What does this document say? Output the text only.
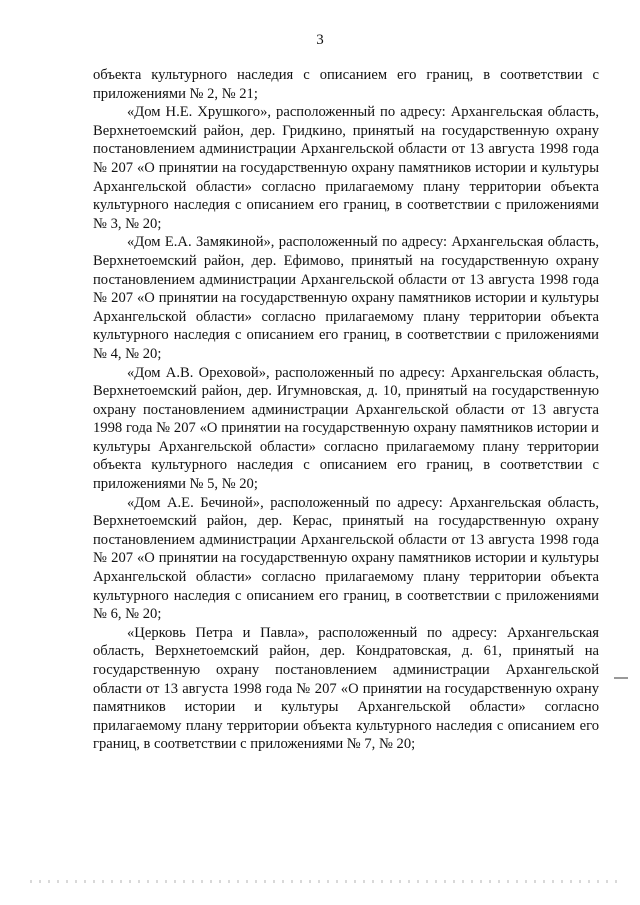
3

объекта культурного наследия с описанием его границ, в соответствии с приложениями № 2, № 21;

«Дом Н.Е. Хрушкого», расположенный по адресу: Архангельская область, Верхнетоемский район, дер. Гридкино, принятый на государственную охрану постановлением администрации Архангельской области от 13 августа 1998 года № 207 «О принятии на государственную охрану памятников истории и культуры Архангельской области» согласно прилагаемому плану территории объекта культурного наследия с описанием его границ, в соответствии с приложениями № 3, № 20;

«Дом Е.А. Замякиной», расположенный по адресу: Архангельская область, Верхнетоемский район, дер. Ефимово, принятый на государственную охрану постановлением администрации Архангельской области от 13 августа 1998 года № 207 «О принятии на государственную охрану памятников истории и культуры Архангельской области» согласно прилагаемому плану территории объекта культурного наследия с описанием его границ, в соответствии с приложениями № 4, № 20;

«Дом А.В. Ореховой», расположенный по адресу: Архангельская область, Верхнетоемский район, дер. Игумновская, д. 10, принятый на государственную охрану постановлением администрации Архангельской области от 13 августа 1998 года № 207 «О принятии на государственную охрану памятников истории и культуры Архангельской области» согласно прилагаемому плану территории объекта культурного наследия с описанием его границ, в соответствии с приложениями № 5, № 20;

«Дом А.Е. Бечиной», расположенный по адресу: Архангельская область, Верхнетоемский район, дер. Керас, принятый на государственную охрану постановлением администрации Архангельской области от 13 августа 1998 года № 207 «О принятии на государственную охрану памятников истории и культуры Архангельской области» согласно прилагаемому плану территории объекта культурного наследия с описанием его границ, в соответствии с приложениями № 6, № 20;

«Церковь Петра и Павла», расположенный по адресу: Архангельская область, Верхнетоемский район, дер. Кондратовская, д. 61, принятый на государственную охрану постановлением администрации Архангельской области от 13 августа 1998 года № 207 «О принятии на государственную охрану памятников истории и культуры Архангельской области» согласно прилагаемому плану территории объекта культурного наследия с описанием его границ, в соответствии с приложениями № 7, № 20;
